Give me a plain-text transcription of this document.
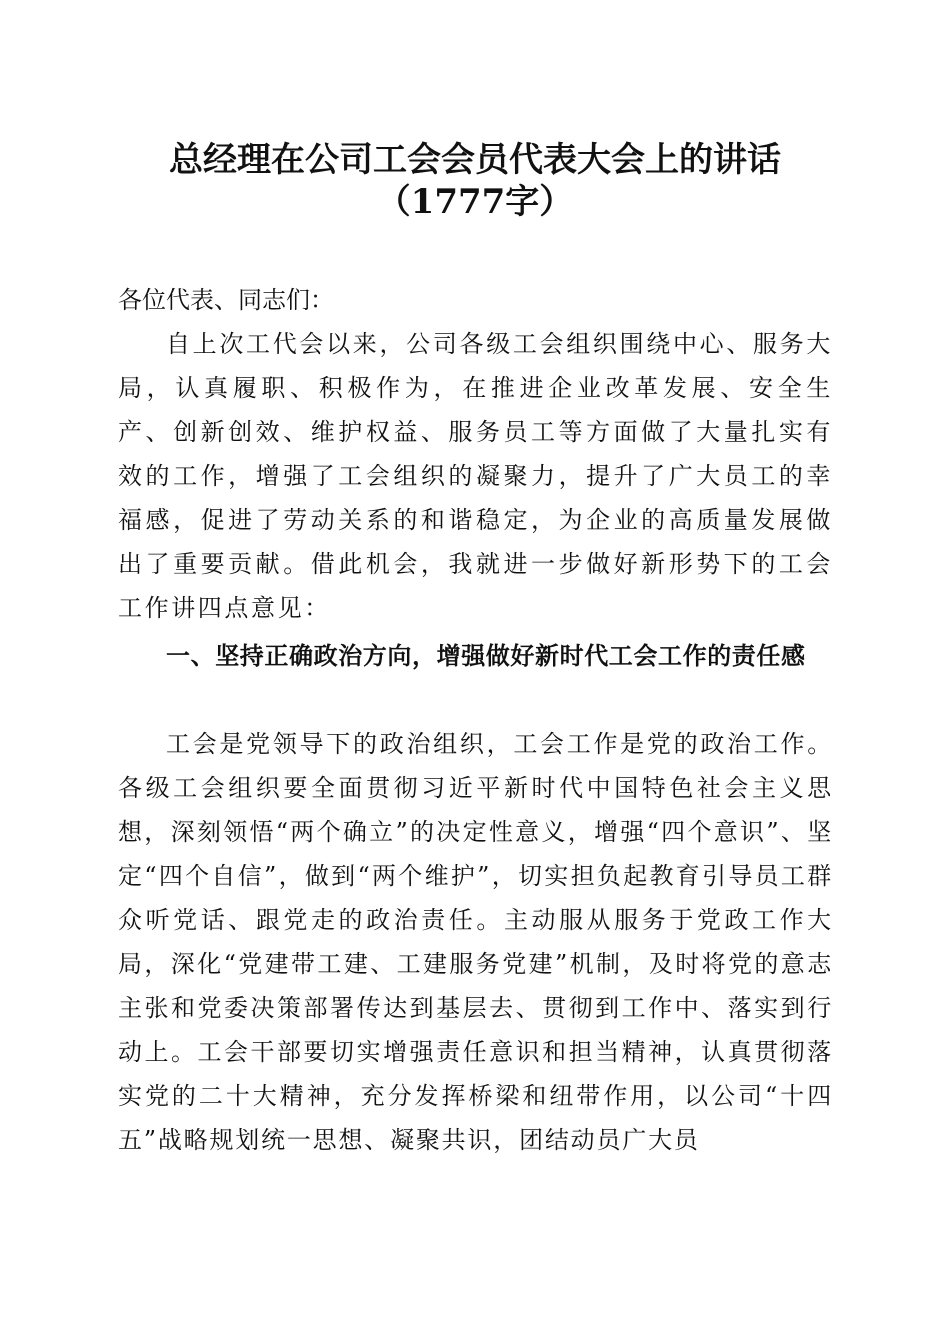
总经理在公司工会会员代表大会上的讲话
（1777字）

各位代表、同志们：

自上次工代会以来，公司各级工会组织围绕中心、服务大局，认真履职、积极作为，在推进企业改革发展、安全生产、创新创效、维护权益、服务员工等方面做了大量扎实有效的工作，增强了工会组织的凝聚力，提升了广大员工的幸福感，促进了劳动关系的和谐稳定，为企业的高质量发展做出了重要贡献。借此机会，我就进一步做好新形势下的工会工作讲四点意见：

一、坚持正确政治方向，增强做好新时代工会工作的责任感

工会是党领导下的政治组织，工会工作是党的政治工作。各级工会组织要全面贯彻习近平新时代中国特色社会主义思想，深刻领悟“两个确立”的决定性意义，增强“四个意识”、坚定“四个自信”，做到“两个维护”，切实担负起教育引导员工群众听党话、跟党走的政治责任。主动服从服务于党政工作大局，深化“党建带工建、工建服务党建”机制，及时将党的意志主张和党委决策部署传达到基层去、贯彻到工作中、落实到行动上。工会干部要切实增强责任意识和担当精神，认真贯彻落实党的二十大精神，充分发挥桥梁和纽带作用，以公司“十四五”战略规划统一思想、凝聚共识，团结动员广大员
